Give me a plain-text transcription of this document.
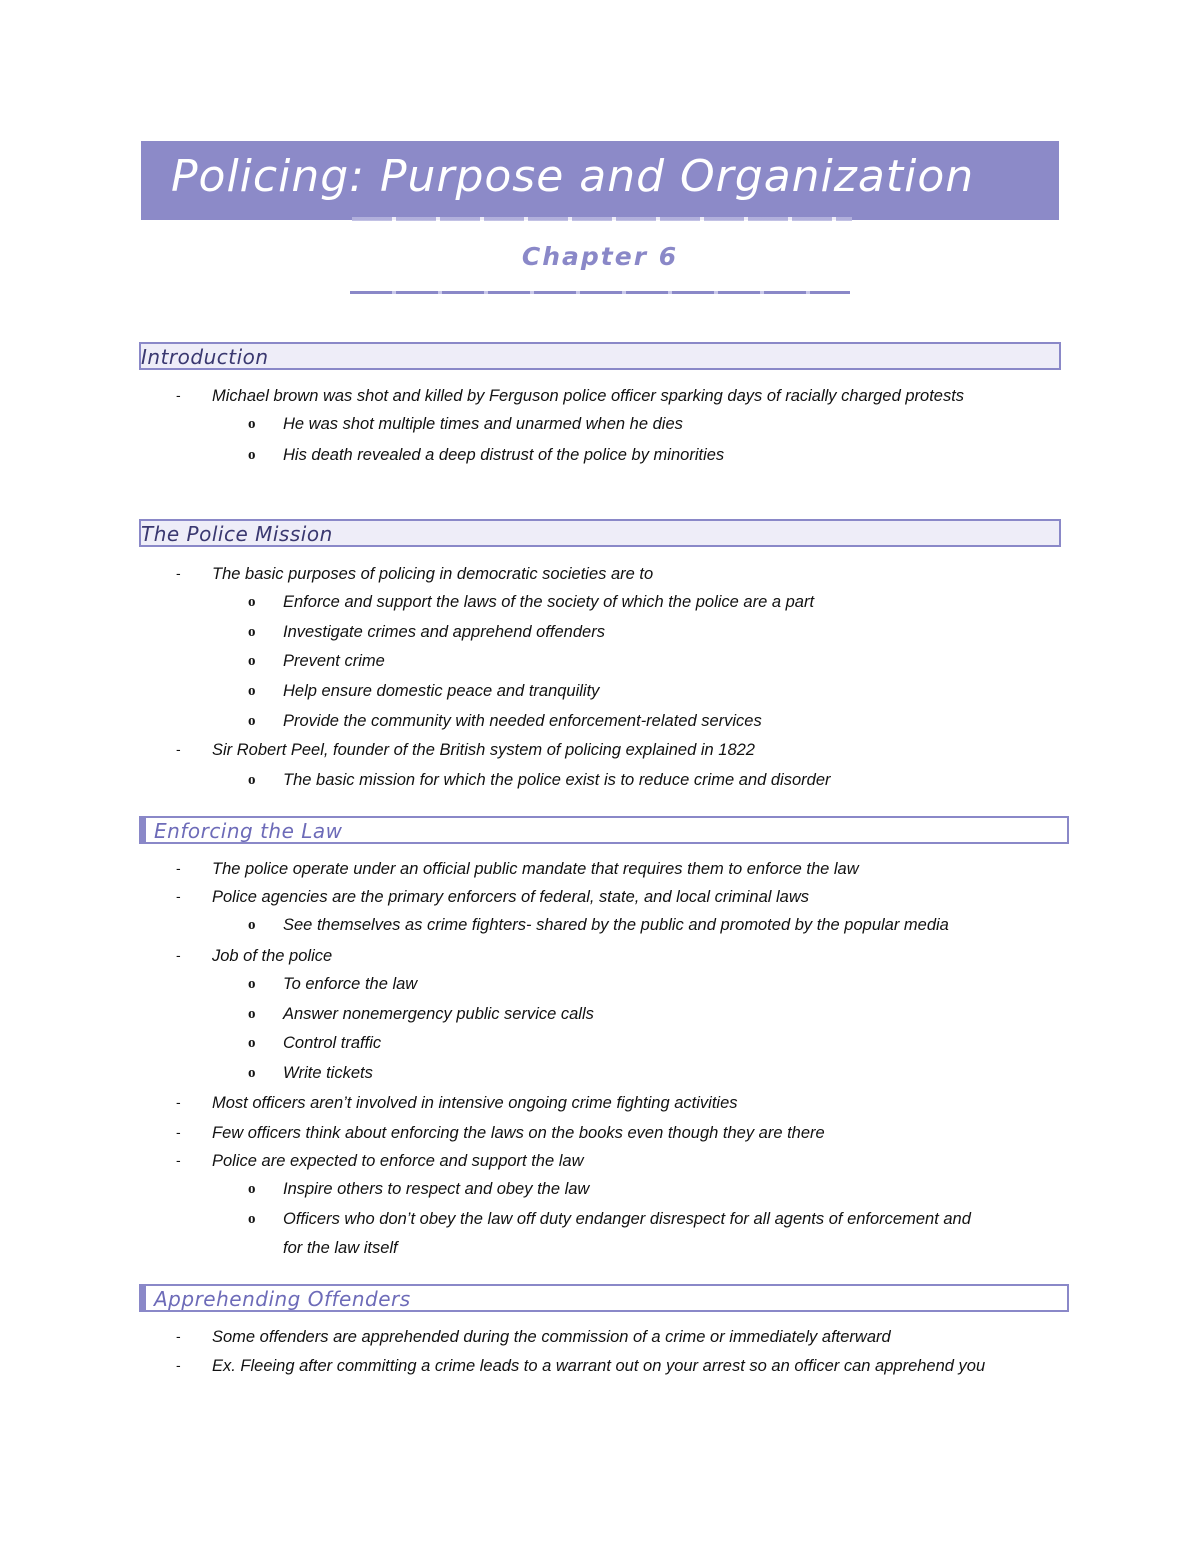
Policing: Purpose and Organization
Chapter 6
Introduction
- Michael brown was shot and killed by Ferguson police officer sparking days of racially charged protests
o He was shot multiple times and unarmed when he dies
o His death revealed a deep distrust of the police by minorities
The Police Mission
- The basic purposes of policing in democratic societies are to
o Enforce and support the laws of the society of which the police are a part
o Investigate crimes and apprehend offenders
o Prevent crime
o Help ensure domestic peace and tranquility
o Provide the community with needed enforcement-related services
- Sir Robert Peel, founder of the British system of policing explained in 1822
o The basic mission for which the police exist is to reduce crime and disorder
Enforcing the Law
- The police operate under an official public mandate that requires them to enforce the law
- Police agencies are the primary enforcers of federal, state, and local criminal laws
o See themselves as crime fighters- shared by the public and promoted by the popular media
- Job of the police
o To enforce the law
o Answer nonemergency public service calls
o Control traffic
o Write tickets
- Most officers aren’t involved in intensive ongoing crime fighting activities
- Few officers think about enforcing the laws on the books even though they are there
- Police are expected to enforce and support the law
o Inspire others to respect and obey the law
o Officers who don’t obey the law off duty endanger disrespect for all agents of enforcement and
for the law itself
Apprehending Offenders
- Some offenders are apprehended during the commission of a crime or immediately afterward
- Ex. Fleeing after committing a crime leads to a warrant out on your arrest so an officer can apprehend you
